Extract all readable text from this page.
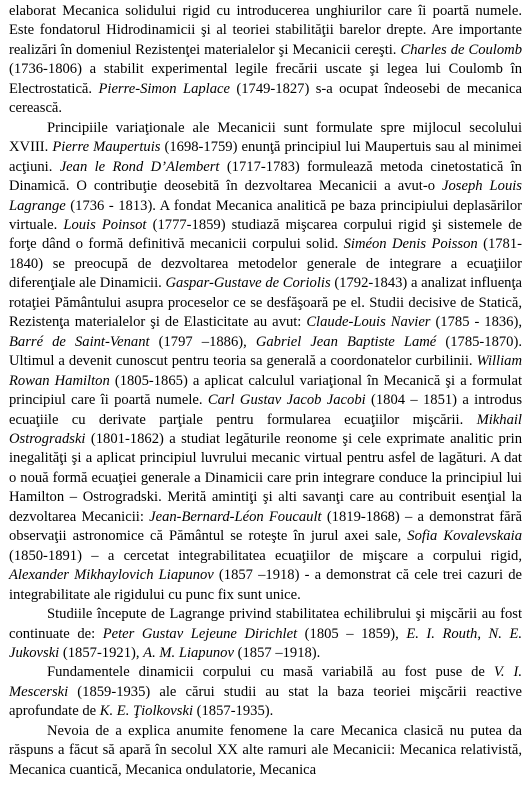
elaborat Mecanica solidului rigid cu introducerea unghiurilor care îi poartă numele. Este fondatorul Hidrodinamicii şi al teoriei stabilităţii barelor drepte. Are importante realizări în domeniul Rezistenţei materialelor şi Mecanicii cereşti. Charles de Coulomb (1736-1806) a stabilit experimental legile frecării uscate şi legea lui Coulomb în Electrostatică. Pierre-Simon Laplace (1749-1827) s-a ocupat îndeosebi de mecanica cerească.

Principiile variaţionale ale Mecanicii sunt formulate spre mijlocul secolului XVIII. Pierre Maupertuis (1698-1759) enunţă principiul lui Maupertuis sau al minimei acţiuni. Jean le Rond D’Alembert (1717-1783) formulează metoda cinetostatică în Dinamică. O contribuţie deosebită în dezvoltarea Mecanicii a avut-o Joseph Louis Lagrange (1736 - 1813). A fondat Mecanica analitică pe baza principiului deplasărilor virtuale. Louis Poinsot (1777-1859) studiază mişcarea corpului rigid şi sistemele de forţe dând o formă definitivă mecanicii corpului solid. Siméon Denis Poisson (1781-1840) se preocupă de dezvoltarea metodelor generale de integrare a ecuaţiilor diferenţiale ale Dinamicii. Gaspar-Gustave de Coriolis (1792-1843) a analizat influenţa rotaţiei Pământului asupra proceselor ce se desfăşoară pe el. Studii decisive de Statică, Rezistenţa materialelor şi de Elasticitate au avut: Claude-Louis Navier (1785 - 1836), Barré de Saint-Venant (1797 –1886), Gabriel Jean Baptiste Lamé (1785-1870). Ultimul a devenit cunoscut pentru teoria sa generală a coordonatelor curbilinii. William Rowan Hamilton (1805-1865) a aplicat calculul variaţional în Mecanică şi a formulat principiul care îi poartă numele. Carl Gustav Jacob Jacobi (1804 – 1851) a introdus ecuaţiile cu derivate parţiale pentru formularea ecuaţiilor mişcării. Mikhail Ostrogradski (1801-1862) a studiat legăturile reonome şi cele exprimate analitic prin inegalităţi şi a aplicat principiul luvrului mecanic virtual pentru asfel de lagături. A dat o nouă formă ecuaţiei generale a Dinamicii care prin integrare conduce la principiul lui Hamilton – Ostrogradski. Merită amintiţi şi alti savanţi care au contribuit esenţial la dezvoltarea Mecanicii: Jean-Bernard-Léon Foucault (1819-1868) – a demonstrat fără observaţii astronomice că Pământul se roteşte în jurul axei sale, Sofia Kovalevskaia (1850-1891) – a cercetat integrabilitatea ecuaţiilor de mişcare a corpului rigid, Alexander Mikhaylovich Liapunov (1857 –1918) - a demonstrat că cele trei cazuri de integrabilitate ale rigidului cu punc fix sunt unice.

Studiile începute de Lagrange privind stabilitatea echilibrului şi mişcării au fost continuate de: Peter Gustav Lejeune Dirichlet (1805 – 1859), E. I. Routh, N. E. Jukovski (1857-1921), A. M. Liapunov (1857 –1918).

Fundamentele dinamicii corpului cu masă variabilă au fost puse de V. I. Mescerski (1859-1935) ale cărui studii au stat la baza teoriei mişcării reactive aprofundate de K. E. Ţiolkovski (1857-1935).

Nevoia de a explica anumite fenomene la care Mecanica clasică nu putea da răspuns a făcut să apară în secolul XX alte ramuri ale Mecanicii: Mecanica relativistă, Mecanica cuantică, Mecanica ondulatorie, Mecanica
